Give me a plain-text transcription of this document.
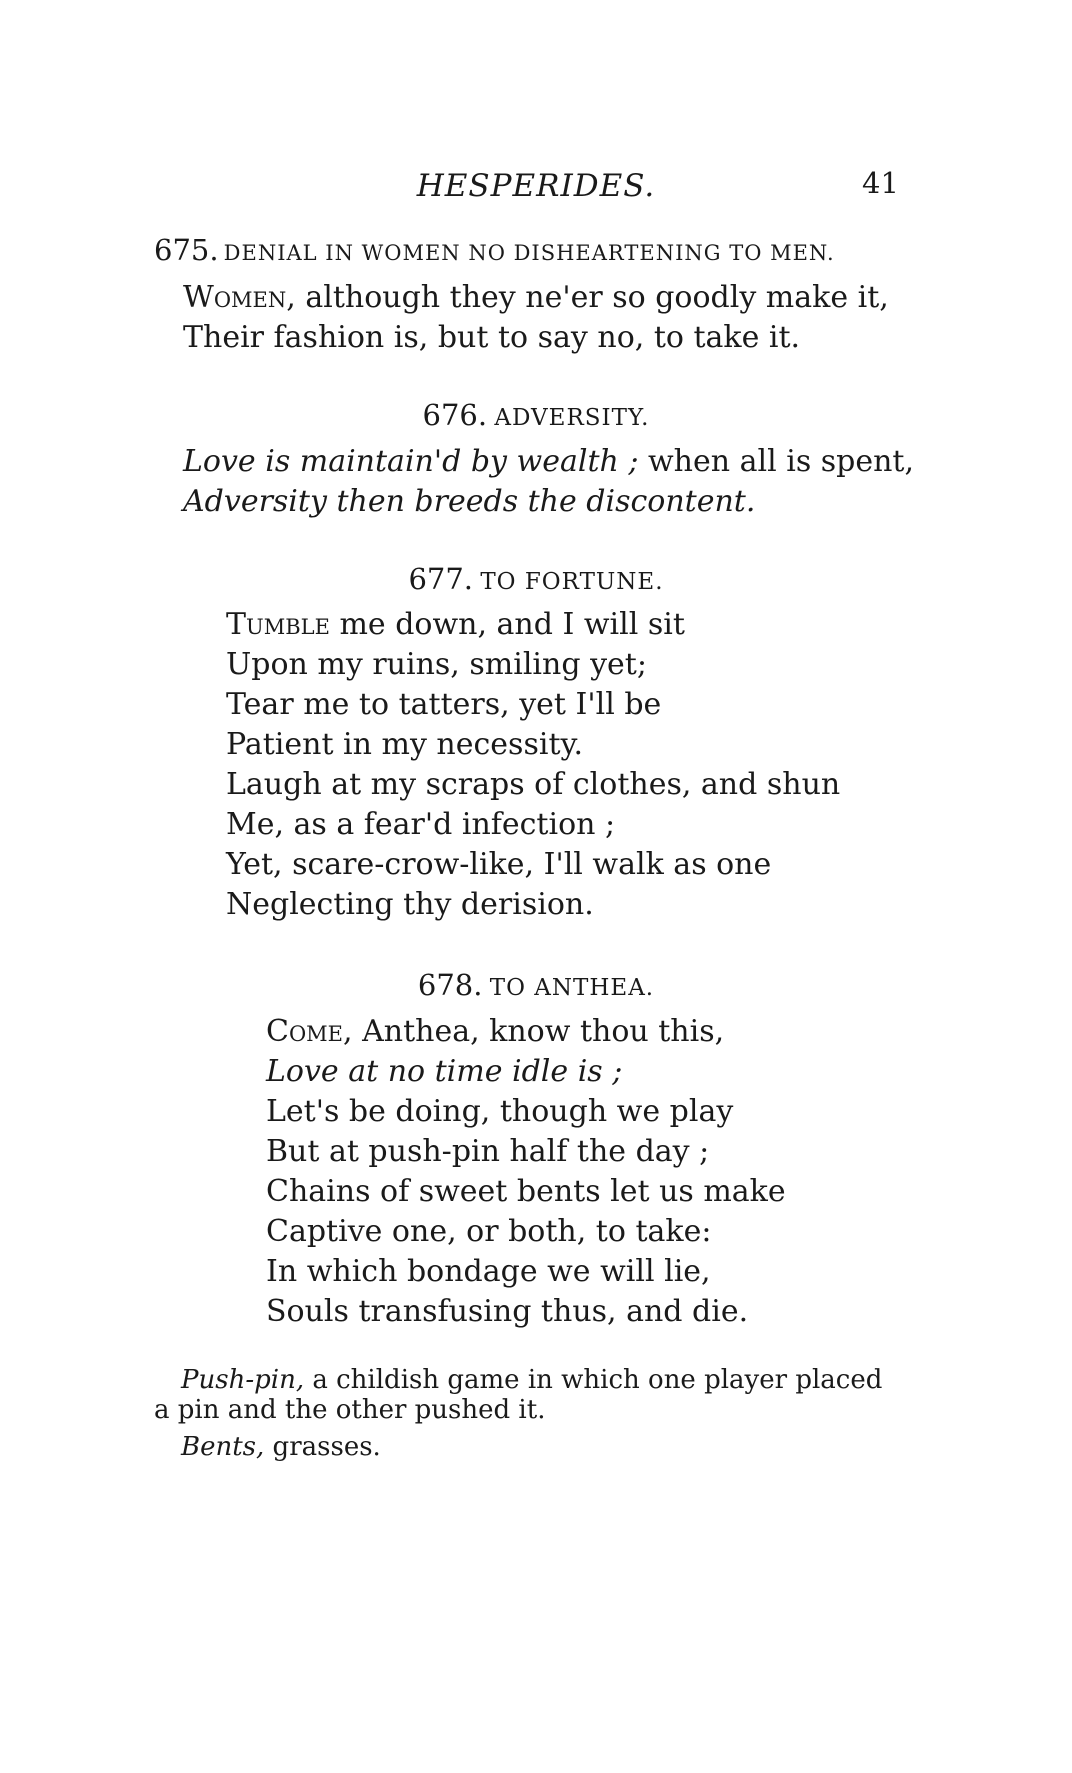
HESPERIDES.	41
675. DENIAL IN WOMEN NO DISHEARTENING TO MEN.
Women, although they ne'er so goodly make it,
Their fashion is, but to say no, to take it.
676. ADVERSITY.
Love is maintain'd by wealth ; when all is spent,
Adversity then breeds the discontent.
677. TO FORTUNE.
Tumble me down, and I will sit
Upon my ruins, smiling yet;
Tear me to tatters, yet I'll be
Patient in my necessity.
Laugh at my scraps of clothes, and shun
Me, as a fear'd infection ;
Yet, scare-crow-like, I'll walk as one
Neglecting thy derision.
678. TO ANTHEA.
Come, Anthea, know thou this,
Love at no time idle is ;
Let's be doing, though we play
But at push-pin half the day ;
Chains of sweet bents let us make
Captive one, or both, to take:
In which bondage we will lie,
Souls transfusing thus, and die.
Push-pin, a childish game in which one player placed
a pin and the other pushed it.
Bents, grasses.
